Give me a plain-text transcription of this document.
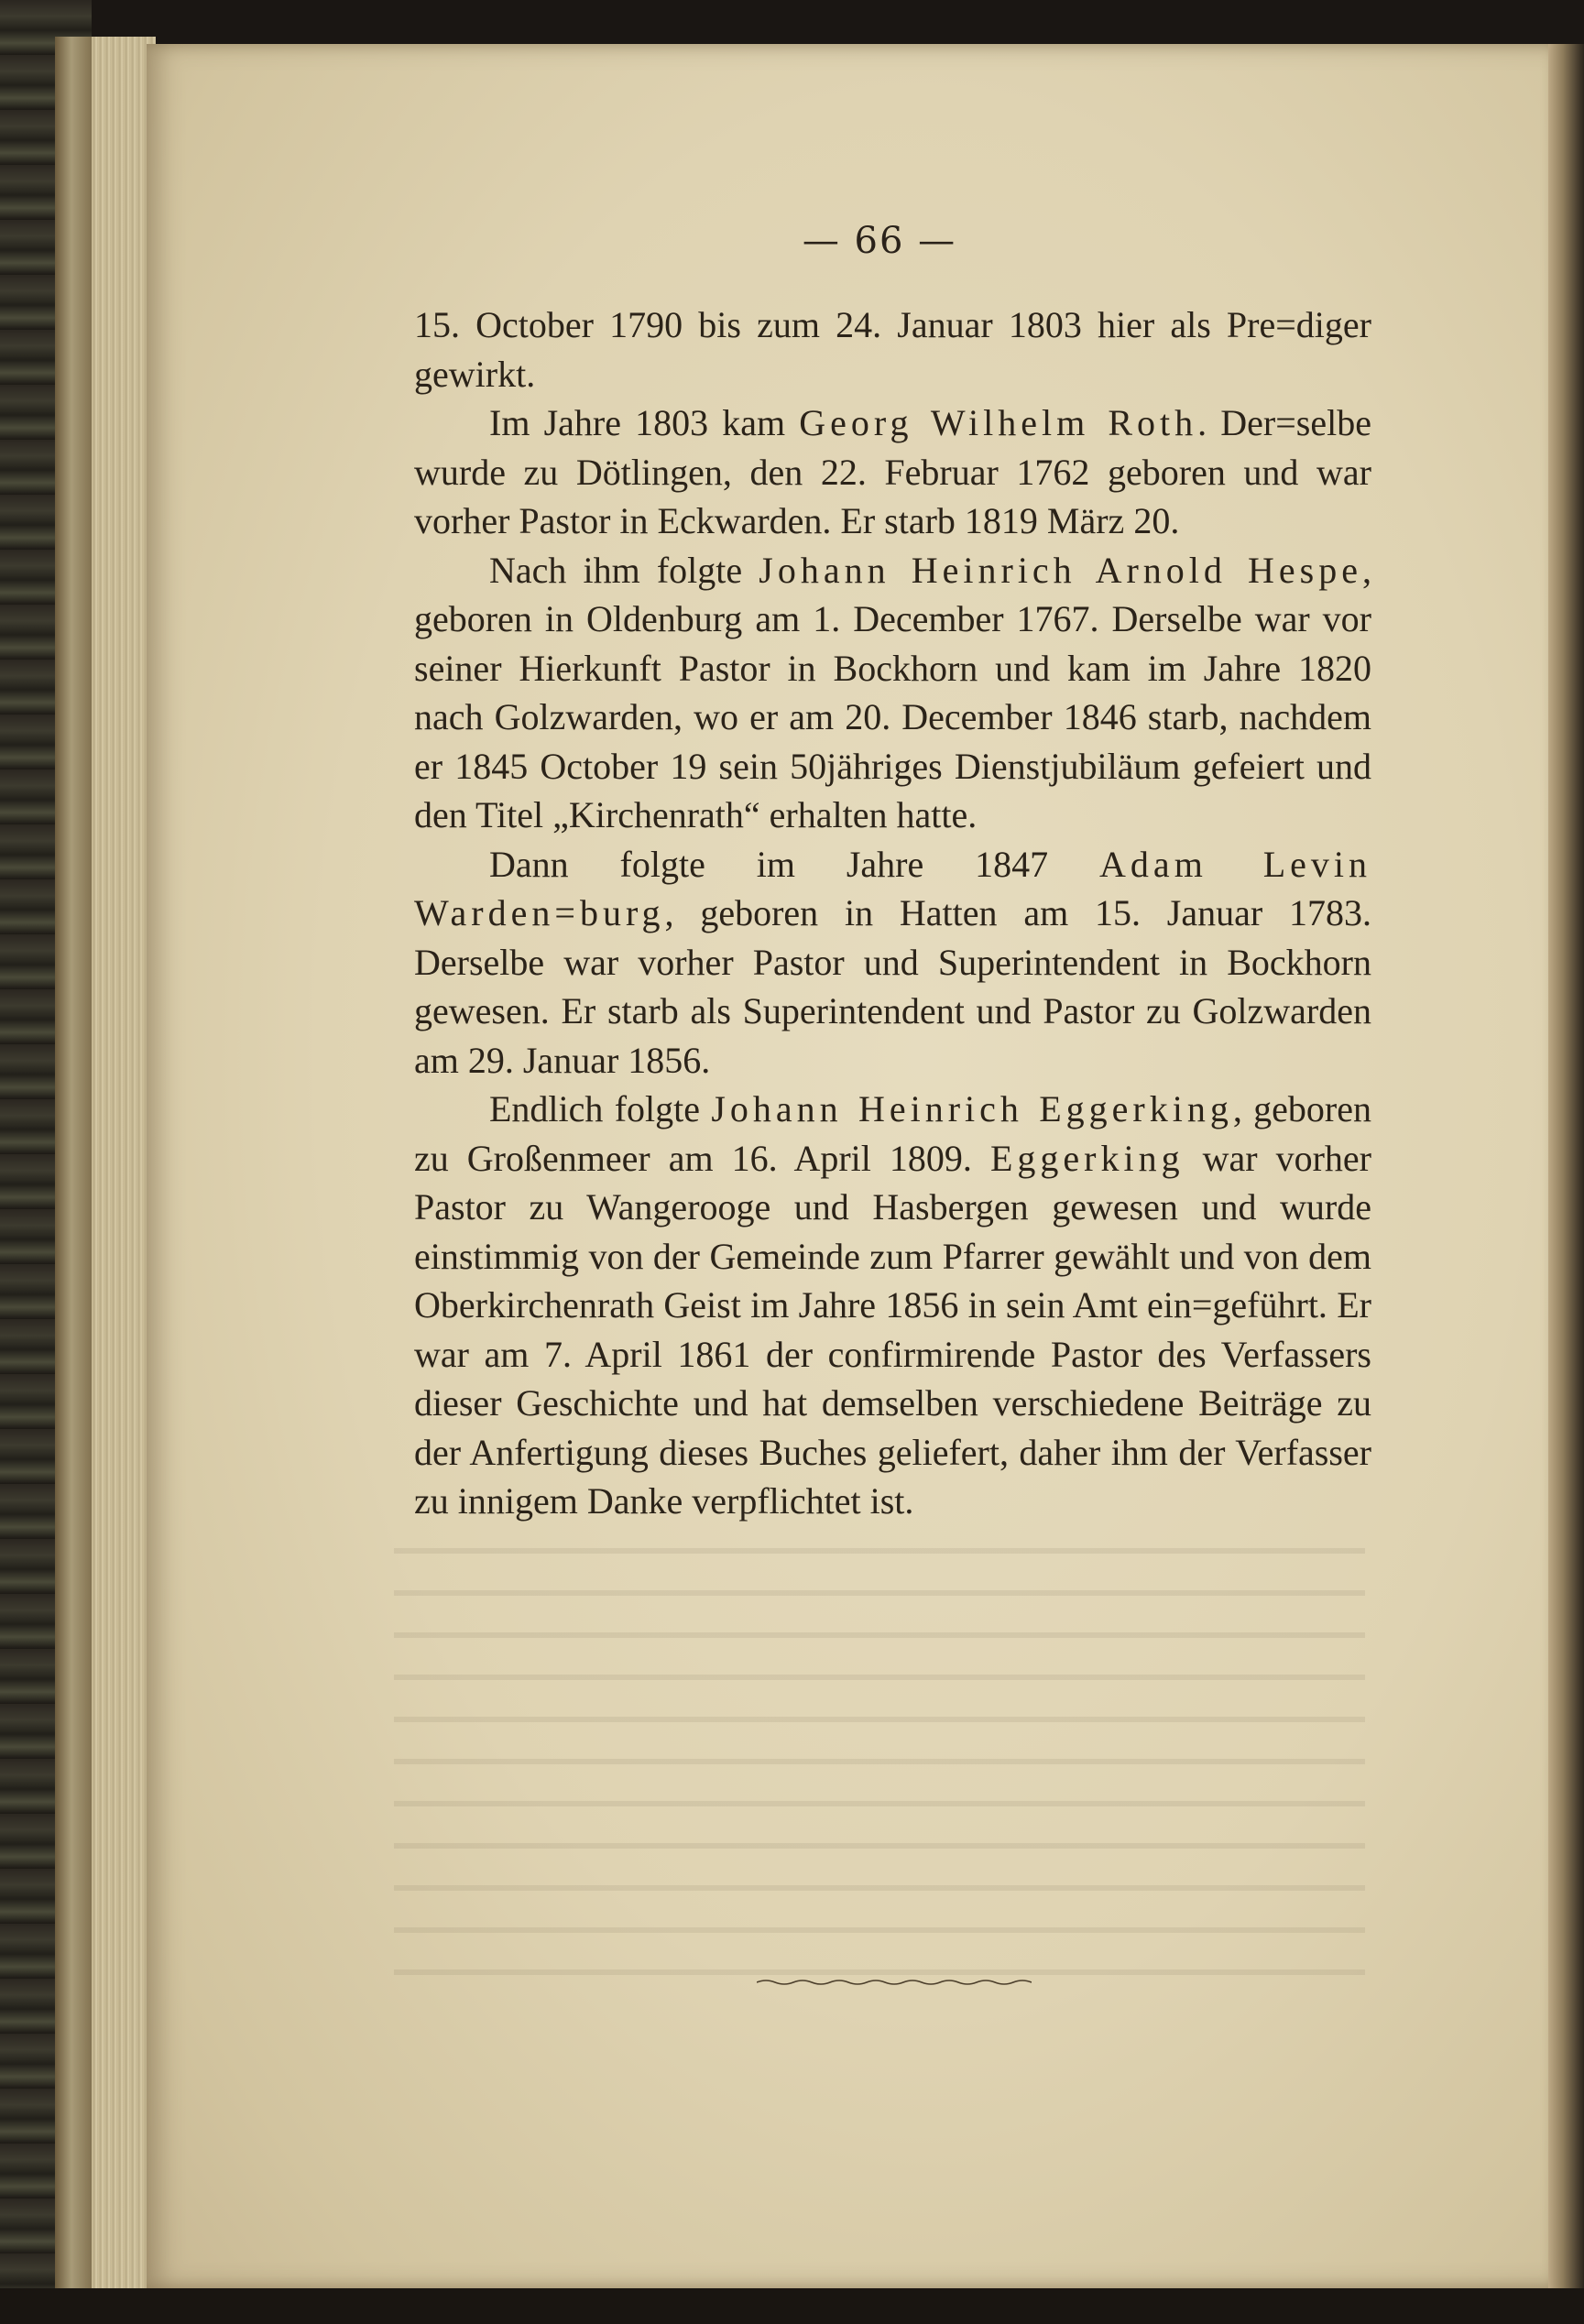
— 66 —

15. October 1790 bis zum 24. Januar 1803 hier als Pre=diger gewirkt.

Im Jahre 1803 kam Georg Wilhelm Roth. Der=selbe wurde zu Dötlingen, den 22. Februar 1762 geboren und war vorher Pastor in Eckwarden. Er starb 1819 März 20.

Nach ihm folgte Johann Heinrich Arnold Hespe, geboren in Oldenburg am 1. December 1767. Derselbe war vor seiner Hierkunft Pastor in Bockhorn und kam im Jahre 1820 nach Golzwarden, wo er am 20. December 1846 starb, nachdem er 1845 October 19 sein 50jähriges Dienstjubiläum gefeiert und den Titel „Kirchenrath“ erhalten hatte.

Dann folgte im Jahre 1847 Adam Levin Warden=burg, geboren in Hatten am 15. Januar 1783. Derselbe war vorher Pastor und Superintendent in Bockhorn gewesen. Er starb als Superintendent und Pastor zu Golzwarden am 29. Januar 1856.

Endlich folgte Johann Heinrich Eggerking, geboren zu Großenmeer am 16. April 1809. Eggerking war vorher Pastor zu Wangerooge und Hasbergen gewesen und wurde einstimmig von der Gemeinde zum Pfarrer gewählt und von dem Oberkirchenrath Geist im Jahre 1856 in sein Amt ein=geführt. Er war am 7. April 1861 der confirmirende Pastor des Verfassers dieser Geschichte und hat demselben verschiedene Beiträge zu der Anfertigung dieses Buches geliefert, daher ihm der Verfasser zu innigem Danke verpflichtet ist.
